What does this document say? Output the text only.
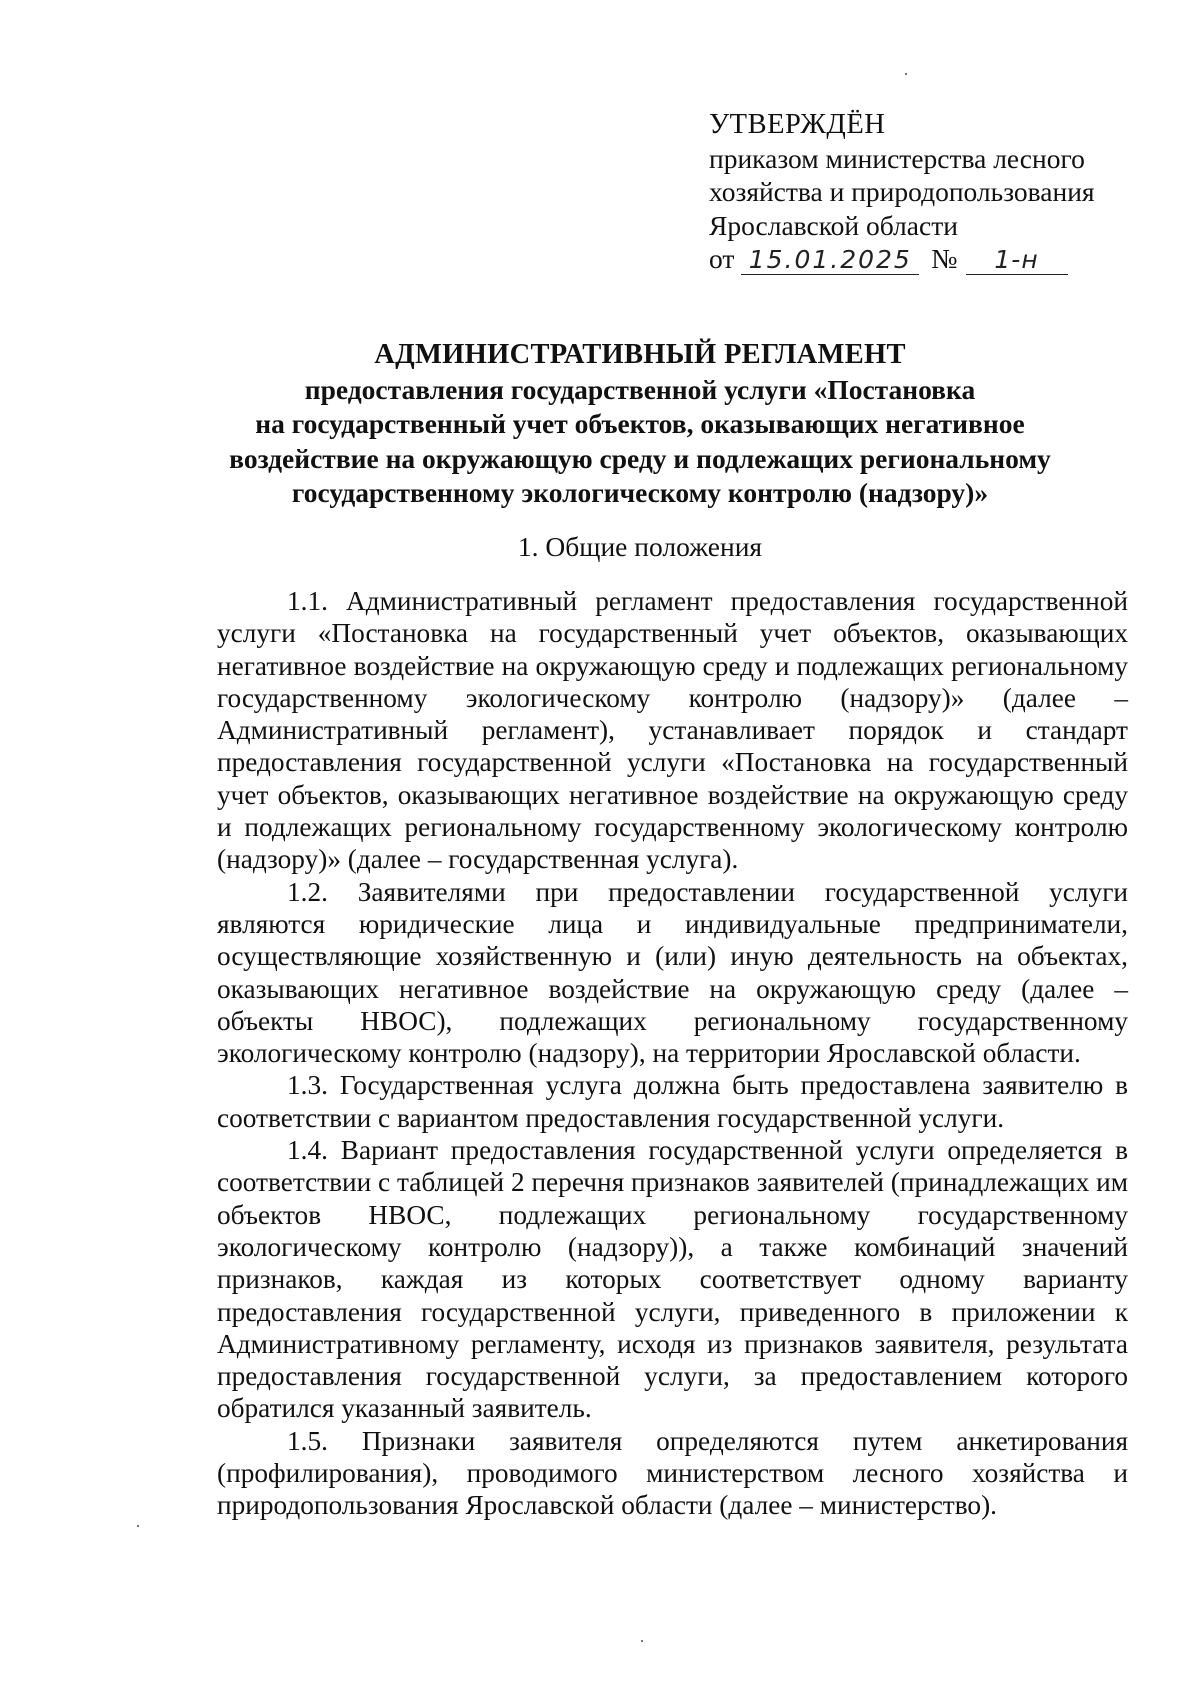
УТВЕРЖДЁН
приказом министерства лесного
хозяйства и природопользования
Ярославской области
от 15.01.2025 № 1-н
АДМИНИСТРАТИВНЫЙ РЕГЛАМЕНТ
предоставления государственной услуги «Постановка
на государственный учет объектов, оказывающих негативное
воздействие на окружающую среду и подлежащих региональному
государственному экологическому контролю (надзору)»
1. Общие положения

1.1. Административный регламент предоставления государственной услуги «Постановка на государственный учет объектов, оказывающих негативное воздействие на окружающую среду и подлежащих региональному государственному экологическому контролю (надзору)» (далее – Административный регламент), устанавливает порядок и стандарт предоставления государственной услуги «Постановка на государственный учет объектов, оказывающих негативное воздействие на окружающую среду и подлежащих региональному государственному экологическому контролю (надзору)» (далее – государственная услуга).

1.2. Заявителями при предоставлении государственной услуги являются юридические лица и индивидуальные предприниматели, осуществляющие хозяйственную и (или) иную деятельность на объектах, оказывающих негативное воздействие на окружающую среду (далее – объекты НВОС), подлежащих региональному государственному экологическому контролю (надзору), на территории Ярославской области.

1.3. Государственная услуга должна быть предоставлена заявителю в соответствии с вариантом предоставления государственной услуги.

1.4. Вариант предоставления государственной услуги определяется в соответствии с таблицей 2 перечня признаков заявителей (принадлежащих им объектов НВОС, подлежащих региональному государственному экологическому контролю (надзору)), а также комбинаций значений признаков, каждая из которых соответствует одному варианту предоставления государственной услуги, приведенного в приложении к Административному регламенту, исходя из признаков заявителя, результата предоставления государственной услуги, за предоставлением которого обратился указанный заявитель.

1.5. Признаки заявителя определяются путем анкетирования (профилирования), проводимого министерством лесного хозяйства и природопользования Ярославской области (далее – министерство).
